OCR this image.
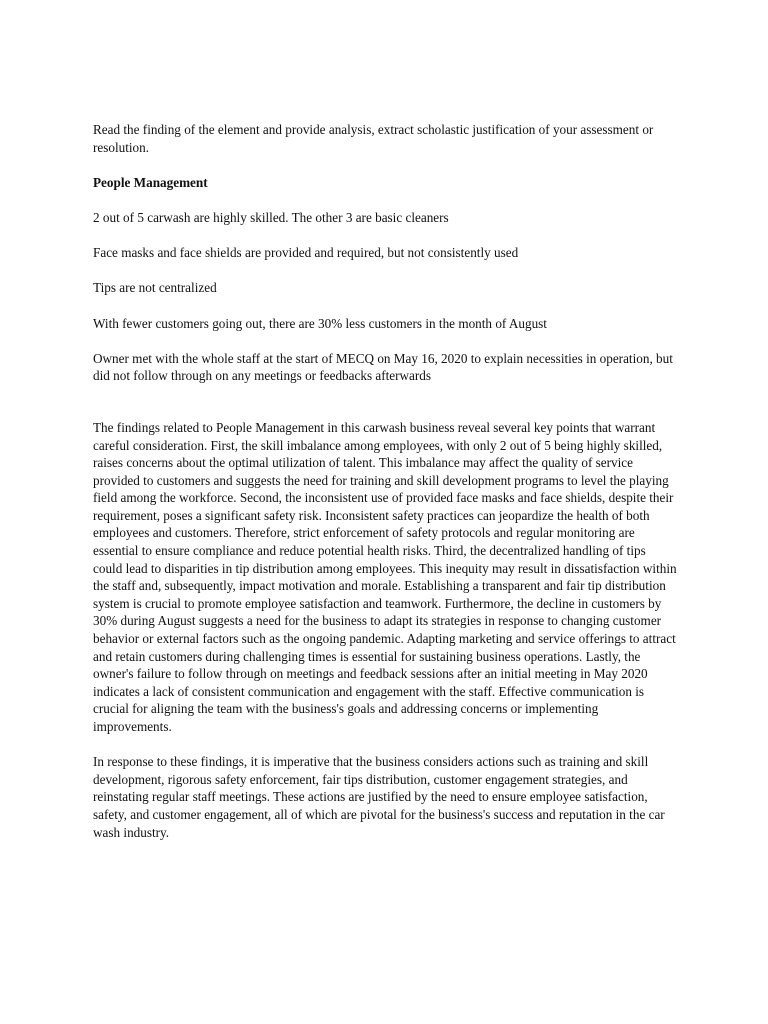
Read the finding of the element and provide analysis, extract scholastic justification of your assessment or resolution.

People Management

2 out of 5 carwash are highly skilled. The other 3 are basic cleaners

Face masks and face shields are provided and required, but not consistently used

Tips are not centralized

With fewer customers going out, there are 30% less customers in the month of August

Owner met with the whole staff at the start of MECQ on May 16, 2020 to explain necessities in operation, but did not follow through on any meetings or feedbacks afterwards

The findings related to People Management in this carwash business reveal several key points that warrant careful consideration. First, the skill imbalance among employees, with only 2 out of 5 being highly skilled, raises concerns about the optimal utilization of talent. This imbalance may affect the quality of service provided to customers and suggests the need for training and skill development programs to level the playing field among the workforce. Second, the inconsistent use of provided face masks and face shields, despite their requirement, poses a significant safety risk. Inconsistent safety practices can jeopardize the health of both employees and customers. Therefore, strict enforcement of safety protocols and regular monitoring are essential to ensure compliance and reduce potential health risks. Third, the decentralized handling of tips could lead to disparities in tip distribution among employees. This inequity may result in dissatisfaction within the staff and, subsequently, impact motivation and morale. Establishing a transparent and fair tip distribution system is crucial to promote employee satisfaction and teamwork. Furthermore, the decline in customers by 30% during August suggests a need for the business to adapt its strategies in response to changing customer behavior or external factors such as the ongoing pandemic. Adapting marketing and service offerings to attract and retain customers during challenging times is essential for sustaining business operations. Lastly, the owner's failure to follow through on meetings and feedback sessions after an initial meeting in May 2020 indicates a lack of consistent communication and engagement with the staff. Effective communication is crucial for aligning the team with the business's goals and addressing concerns or implementing improvements.

In response to these findings, it is imperative that the business considers actions such as training and skill development, rigorous safety enforcement, fair tips distribution, customer engagement strategies, and reinstating regular staff meetings. These actions are justified by the need to ensure employee satisfaction, safety, and customer engagement, all of which are pivotal for the business's success and reputation in the car wash industry.
